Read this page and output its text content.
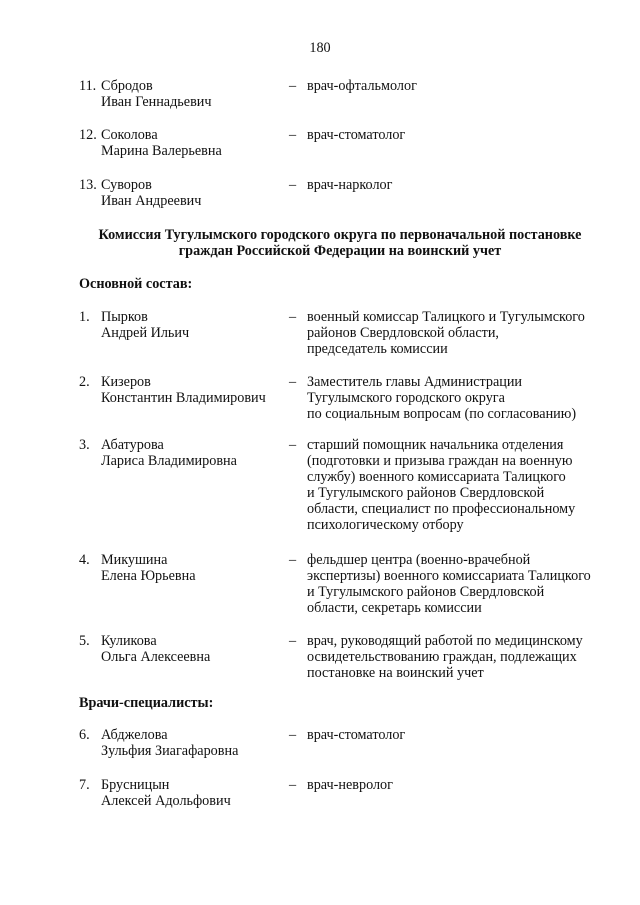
180
11. Сбродов
Иван Геннадьевич
– врач-офтальмолог
12. Соколова
Марина Валерьевна
– врач-стоматолог
13. Суворов
Иван Андреевич
– врач-нарколог
Комиссия Тугулымского городского округа по первоначальной постановке
граждан Российской Федерации на воинский учет
Основной состав:
1. Пырков
Андрей Ильич
– военный комиссар Талицкого и Тугулымского
районов Свердловской области,
председатель комиссии
2. Кизеров
Константин Владимирович
– Заместитель главы Администрации
Тугулымского городского округа
по социальным вопросам (по согласованию)
3. Абатурова
Лариса Владимировна
– старший помощник начальника отделения
(подготовки и призыва граждан на военную
службу) военного комиссариата Талицкого
и Тугулымского районов Свердловской
области, специалист по профессиональному
психологическому отбору
4. Микушина
Елена Юрьевна
– фельдшер центра (военно-врачебной
экспертизы) военного комиссариата Талицкого
и Тугулымского районов Свердловской
области, секретарь комиссии
5. Куликова
Ольга Алексеевна
– врач, руководящий работой по медицинскому
освидетельствованию граждан, подлежащих
постановке на воинский учет
Врачи-специалисты:
6. Абджелова
Зульфия Зиагафаровна
– врач-стоматолог
7. Брусницын
Алексей Адольфович
– врач-невролог
